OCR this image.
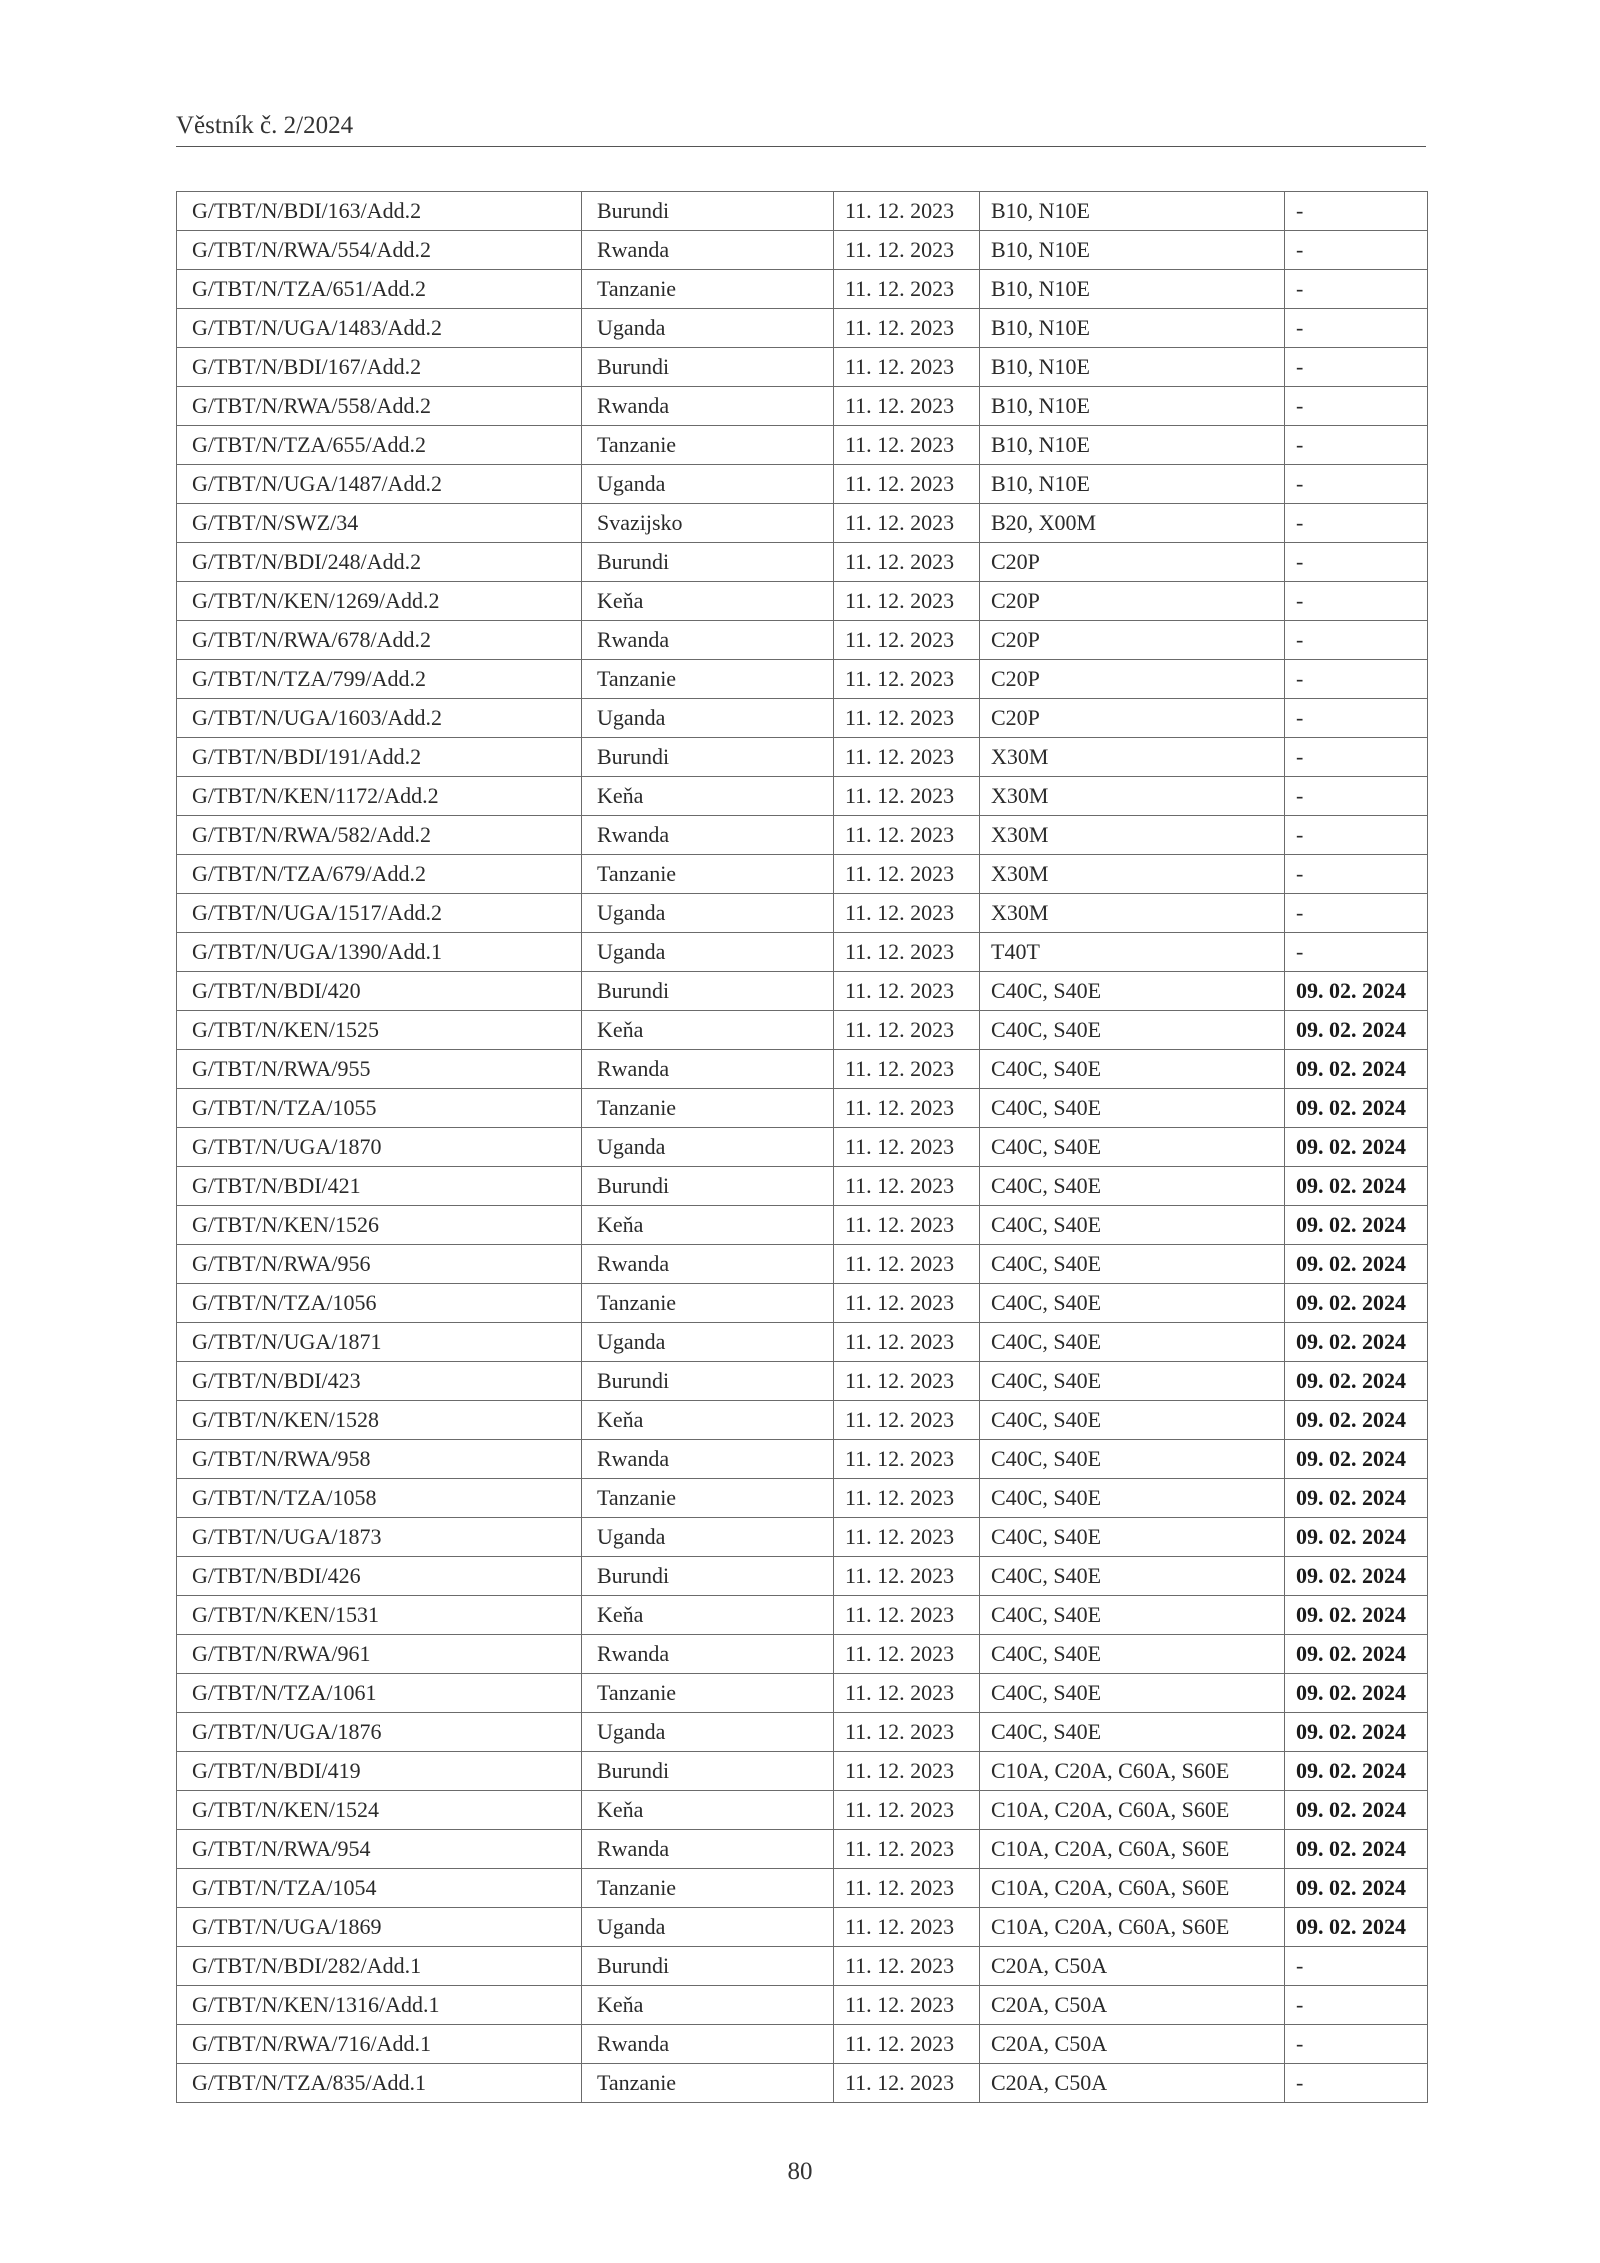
Věstník č. 2/2024
G/TBT/N/BDI/163/Add.2	Burundi	11. 12. 2023	B10, N10E	-
G/TBT/N/RWA/554/Add.2	Rwanda	11. 12. 2023	B10, N10E	-
G/TBT/N/TZA/651/Add.2	Tanzanie	11. 12. 2023	B10, N10E	-
G/TBT/N/UGA/1483/Add.2	Uganda	11. 12. 2023	B10, N10E	-
G/TBT/N/BDI/167/Add.2	Burundi	11. 12. 2023	B10, N10E	-
G/TBT/N/RWA/558/Add.2	Rwanda	11. 12. 2023	B10, N10E	-
G/TBT/N/TZA/655/Add.2	Tanzanie	11. 12. 2023	B10, N10E	-
G/TBT/N/UGA/1487/Add.2	Uganda	11. 12. 2023	B10, N10E	-
G/TBT/N/SWZ/34	Svazijsko	11. 12. 2023	B20, X00M	-
G/TBT/N/BDI/248/Add.2	Burundi	11. 12. 2023	C20P	-
G/TBT/N/KEN/1269/Add.2	Keňa	11. 12. 2023	C20P	-
G/TBT/N/RWA/678/Add.2	Rwanda	11. 12. 2023	C20P	-
G/TBT/N/TZA/799/Add.2	Tanzanie	11. 12. 2023	C20P	-
G/TBT/N/UGA/1603/Add.2	Uganda	11. 12. 2023	C20P	-
G/TBT/N/BDI/191/Add.2	Burundi	11. 12. 2023	X30M	-
G/TBT/N/KEN/1172/Add.2	Keňa	11. 12. 2023	X30M	-
G/TBT/N/RWA/582/Add.2	Rwanda	11. 12. 2023	X30M	-
G/TBT/N/TZA/679/Add.2	Tanzanie	11. 12. 2023	X30M	-
G/TBT/N/UGA/1517/Add.2	Uganda	11. 12. 2023	X30M	-
G/TBT/N/UGA/1390/Add.1	Uganda	11. 12. 2023	T40T	-
G/TBT/N/BDI/420	Burundi	11. 12. 2023	C40C, S40E	09. 02. 2024
G/TBT/N/KEN/1525	Keňa	11. 12. 2023	C40C, S40E	09. 02. 2024
G/TBT/N/RWA/955	Rwanda	11. 12. 2023	C40C, S40E	09. 02. 2024
G/TBT/N/TZA/1055	Tanzanie	11. 12. 2023	C40C, S40E	09. 02. 2024
G/TBT/N/UGA/1870	Uganda	11. 12. 2023	C40C, S40E	09. 02. 2024
G/TBT/N/BDI/421	Burundi	11. 12. 2023	C40C, S40E	09. 02. 2024
G/TBT/N/KEN/1526	Keňa	11. 12. 2023	C40C, S40E	09. 02. 2024
G/TBT/N/RWA/956	Rwanda	11. 12. 2023	C40C, S40E	09. 02. 2024
G/TBT/N/TZA/1056	Tanzanie	11. 12. 2023	C40C, S40E	09. 02. 2024
G/TBT/N/UGA/1871	Uganda	11. 12. 2023	C40C, S40E	09. 02. 2024
G/TBT/N/BDI/423	Burundi	11. 12. 2023	C40C, S40E	09. 02. 2024
G/TBT/N/KEN/1528	Keňa	11. 12. 2023	C40C, S40E	09. 02. 2024
G/TBT/N/RWA/958	Rwanda	11. 12. 2023	C40C, S40E	09. 02. 2024
G/TBT/N/TZA/1058	Tanzanie	11. 12. 2023	C40C, S40E	09. 02. 2024
G/TBT/N/UGA/1873	Uganda	11. 12. 2023	C40C, S40E	09. 02. 2024
G/TBT/N/BDI/426	Burundi	11. 12. 2023	C40C, S40E	09. 02. 2024
G/TBT/N/KEN/1531	Keňa	11. 12. 2023	C40C, S40E	09. 02. 2024
G/TBT/N/RWA/961	Rwanda	11. 12. 2023	C40C, S40E	09. 02. 2024
G/TBT/N/TZA/1061	Tanzanie	11. 12. 2023	C40C, S40E	09. 02. 2024
G/TBT/N/UGA/1876	Uganda	11. 12. 2023	C40C, S40E	09. 02. 2024
G/TBT/N/BDI/419	Burundi	11. 12. 2023	C10A, C20A, C60A, S60E	09. 02. 2024
G/TBT/N/KEN/1524	Keňa	11. 12. 2023	C10A, C20A, C60A, S60E	09. 02. 2024
G/TBT/N/RWA/954	Rwanda	11. 12. 2023	C10A, C20A, C60A, S60E	09. 02. 2024
G/TBT/N/TZA/1054	Tanzanie	11. 12. 2023	C10A, C20A, C60A, S60E	09. 02. 2024
G/TBT/N/UGA/1869	Uganda	11. 12. 2023	C10A, C20A, C60A, S60E	09. 02. 2024
G/TBT/N/BDI/282/Add.1	Burundi	11. 12. 2023	C20A, C50A	-
G/TBT/N/KEN/1316/Add.1	Keňa	11. 12. 2023	C20A, C50A	-
G/TBT/N/RWA/716/Add.1	Rwanda	11. 12. 2023	C20A, C50A	-
G/TBT/N/TZA/835/Add.1	Tanzanie	11. 12. 2023	C20A, C50A	-
80
